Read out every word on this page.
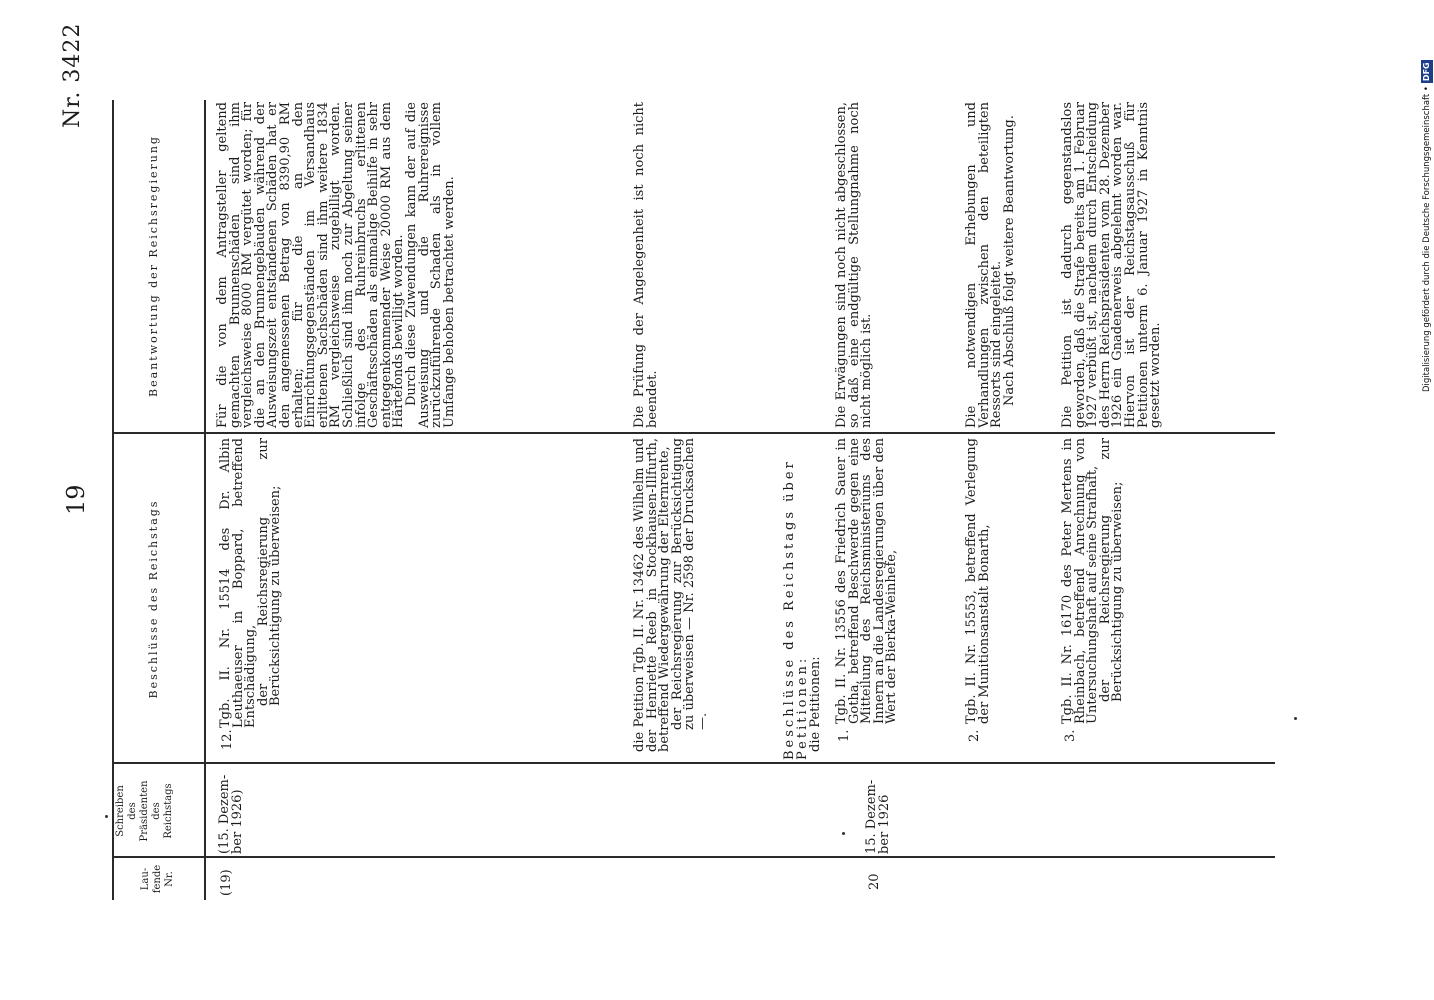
19
Nr. 3422
Lau-
fende
Nr.
Schreiben
des
Präsidenten
des
Reichstags
Beschlüsse des Reichstags
Beantwortung der Reichsregierung
(19)
(15. Dezem-
ber 1926)
12.

Tgb. II. Nr. 15514 des Dr. Albin Leuthaeuser in Boppard, betreffend Entschädigung,

der Reichsregierung zur Berücksichtigung zu überweisen;

Für die von dem Antragsteller geltend gemachten Brunnenschäden sind ihm vergleichsweise 8000 RM vergütet worden; für die an den Brunnengebäuden während der Ausweisungszeit entstandenen Schäden hat er den angemessenen Betrag von 8390,90 RM erhalten; für die an den Einrichtungsgegenständen im Versandhaus erlittenen Sachschäden sind ihm weitere 1834 RM vergleichsweise zugebilligt worden. Schließlich sind ihm noch zur Abgeltung seiner infolge des Ruhreinbruchs erlittenen Geschäftsschäden als einmalige Beihilfe in sehr entgegenkommender Weise 20000 RM aus dem Härtefonds bewilligt worden.

Durch diese Zuwendungen kann der auf die Ausweisung und die Ruhrereignisse zurückzuführende Schaden als in vollem Umfange behoben betrachtet werden.

die Petition Tgb. II. Nr. 13462 des Wilhelm und der Henriette Reeb in Stockhausen-Illfurth, betreffend Wiedergewährung der Elternrente,

der Reichsregierung zur Berücksichtigung zu überweisen — Nr. 2598 der Drucksachen —.

Die Prüfung der Angelegenheit ist noch nicht beendet.
20
15. Dezem-
ber 1926
Beschlüsse des Reichstags über Petitionen:
die Petitionen: 1.
Tgb. II. Nr. 13556 des Friedrich Sauer in Gotha, betreffend Beschwerde gegen eine Mitteilung des Reichsministeriums des Innern an die Landesregierungen über den Wert der Bierka-Weinhefe,
Die Erwägungen sind noch nicht abgeschlossen, so daß eine endgültige Stellungnahme noch nicht möglich ist.
2.
Tgb. II. Nr. 15553, betreffend Verlegung der Munitionsanstalt Bonarth,

Die notwendigen Erhebungen und Verhandlungen zwischen den beteiligten Ressorts sind eingeleitet.

Nach Abschluß folgt weitere Beantwortung.

3.

Tgb. II. Nr. 16170 des Peter Mertens in Rheinbach, betreffend Anrechnung von Untersuchungshaft auf seine Strafhaft,

der Reichsregierung zur Berücksichtigung zu überweisen;

Die Petition ist dadurch gegenstandslos geworden, daß die Strafe bereits am 1. Februar 1927 verbüßt ist, nachdem durch Entscheidung des Herrn Reichspräsidenten vom 28. Dezember 1926 ein Gnadenerweis abgelehnt worden war. Hiervon ist der Reichstagsausschuß für Petitionen unterm 6. Januar 1927 in Kenntnis gesetzt worden.	Digitalisierung gefördert durch die Deutsche Forschungsgemeinschaft •DFG
